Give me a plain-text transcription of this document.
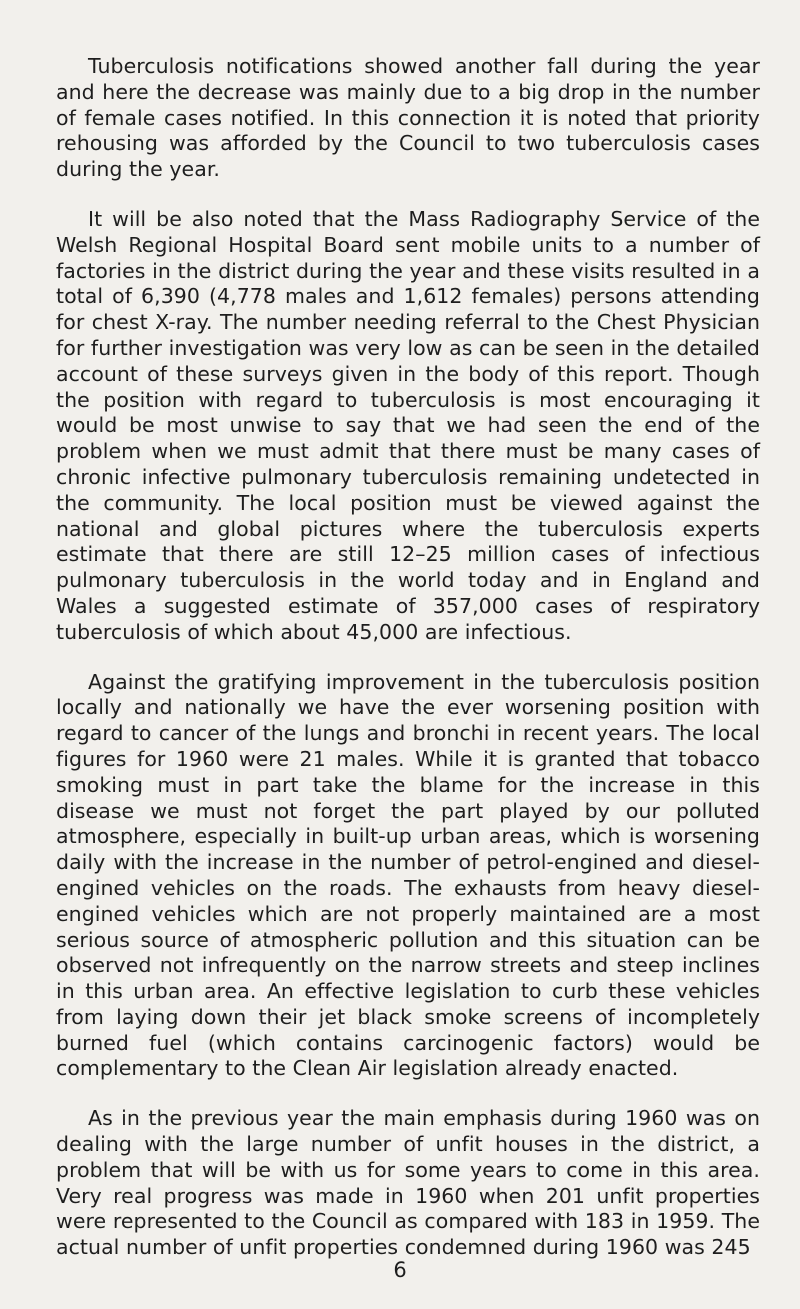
Tuberculosis notifications showed another fall during the year and here the decrease was mainly due to a big drop in the number of female cases notified. In this connection it is noted that priority rehousing was afforded by the Council to two tuberculosis cases during the year.

It will be also noted that the Mass Radiography Service of the Welsh Regional Hospital Board sent mobile units to a number of factories in the district during the year and these visits resulted in a total of 6,390 (4,778 males and 1,612 females) persons attending for chest X-ray. The number needing referral to the Chest Physician for further investigation was very low as can be seen in the detailed account of these surveys given in the body of this report. Though the position with regard to tuberculosis is most encouraging it would be most unwise to say that we had seen the end of the problem when we must admit that there must be many cases of chronic infective pulmonary tuberculosis remaining undetected in the community. The local position must be viewed against the national and global pictures where the tuberculosis experts estimate that there are still 12–25 million cases of infectious pulmonary tuberculosis in the world today and in England and Wales a suggested estimate of 357,000 cases of respiratory tuberculosis of which about 45,000 are infectious.

Against the gratifying improvement in the tuberculosis position locally and nationally we have the ever worsening position with regard to cancer of the lungs and bronchi in recent years. The local figures for 1960 were 21 males. While it is granted that tobacco smoking must in part take the blame for the increase in this disease we must not forget the part played by our polluted atmosphere, especially in built-up urban areas, which is worsening daily with the increase in the number of petrol-engined and diesel-engined vehicles on the roads. The exhausts from heavy diesel-engined vehicles which are not properly maintained are a most serious source of atmospheric pollution and this situation can be observed not infrequently on the narrow streets and steep inclines in this urban area. An effective legislation to curb these vehicles from laying down their jet black smoke screens of incompletely burned fuel (which contains carcinogenic factors) would be complementary to the Clean Air legislation already enacted.

As in the previous year the main emphasis during 1960 was on dealing with the large number of unfit houses in the district, a problem that will be with us for some years to come in this area. Very real progress was made in 1960 when 201 unfit properties were represented to the Council as compared with 183 in 1959. The actual number of unfit properties condemned during 1960 was 245

6
